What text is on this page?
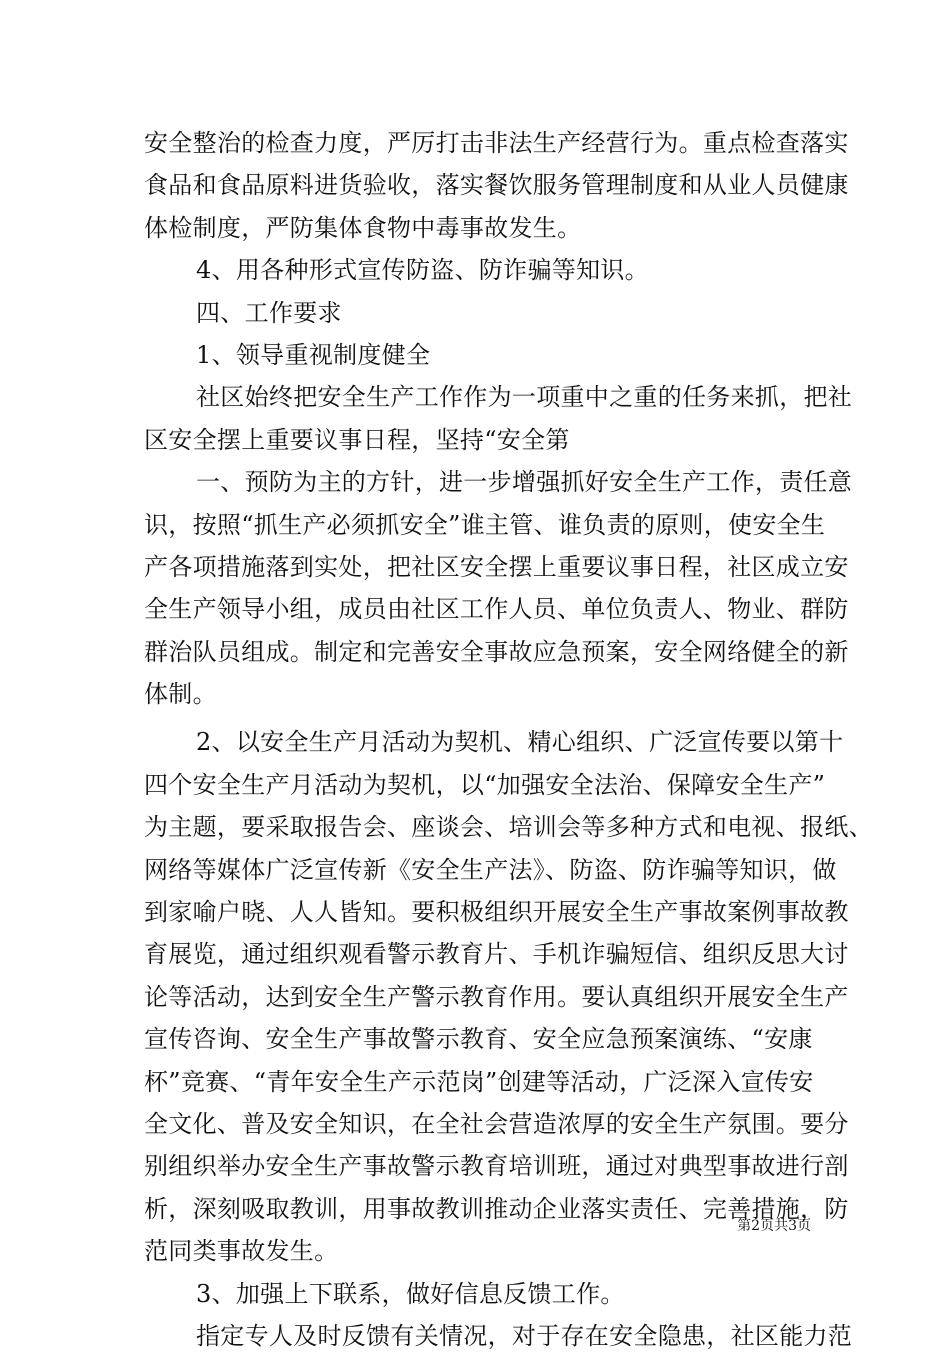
安全整治的检查力度，严厉打击非法生产经营行为。重点检查落实
食品和食品原料进货验收，落实餐饮服务管理制度和从业人员健康
体检制度，严防集体食物中毒事故发生。
4、用各种形式宣传防盗、防诈骗等知识。
四、工作要求
1、领导重视制度健全
社区始终把安全生产工作作为一项重中之重的任务来抓，把社
区安全摆上重要议事日程，坚持“安全第
一、预防为主的方针，进一步增强抓好安全生产工作，责任意
识，按照“抓生产必须抓安全”谁主管、谁负责的原则，使安全生
产各项措施落到实处，把社区安全摆上重要议事日程，社区成立安
全生产领导小组，成员由社区工作人员、单位负责人、物业、群防
群治队员组成。制定和完善安全事故应急预案，安全网络健全的新
体制。
2、以安全生产月活动为契机、精心组织、广泛宣传要以第十
四个安全生产月活动为契机，以“加强安全法治、保障安全生产”
为主题，要采取报告会、座谈会、培训会等多种方式和电视、报纸、
网络等媒体广泛宣传新《安全生产法》、防盗、防诈骗等知识，做
到家喻户晓、人人皆知。要积极组织开展安全生产事故案例事故教
育展览，通过组织观看警示教育片、手机诈骗短信、组织反思大讨
论等活动，达到安全生产警示教育作用。要认真组织开展安全生产
宣传咨询、安全生产事故警示教育、安全应急预案演练、“安康
杯”竞赛、“青年安全生产示范岗”创建等活动，广泛深入宣传安
全文化、普及安全知识，在全社会营造浓厚的安全生产氛围。要分
别组织举办安全生产事故警示教育培训班，通过对典型事故进行剖
析，深刻吸取教训，用事故教训推动企业落实责任、完善措施，防
范同类事故发生。
3、加强上下联系，做好信息反馈工作。
指定专人及时反馈有关情况，对于存在安全隐患，社区能力范
第2页共3页
